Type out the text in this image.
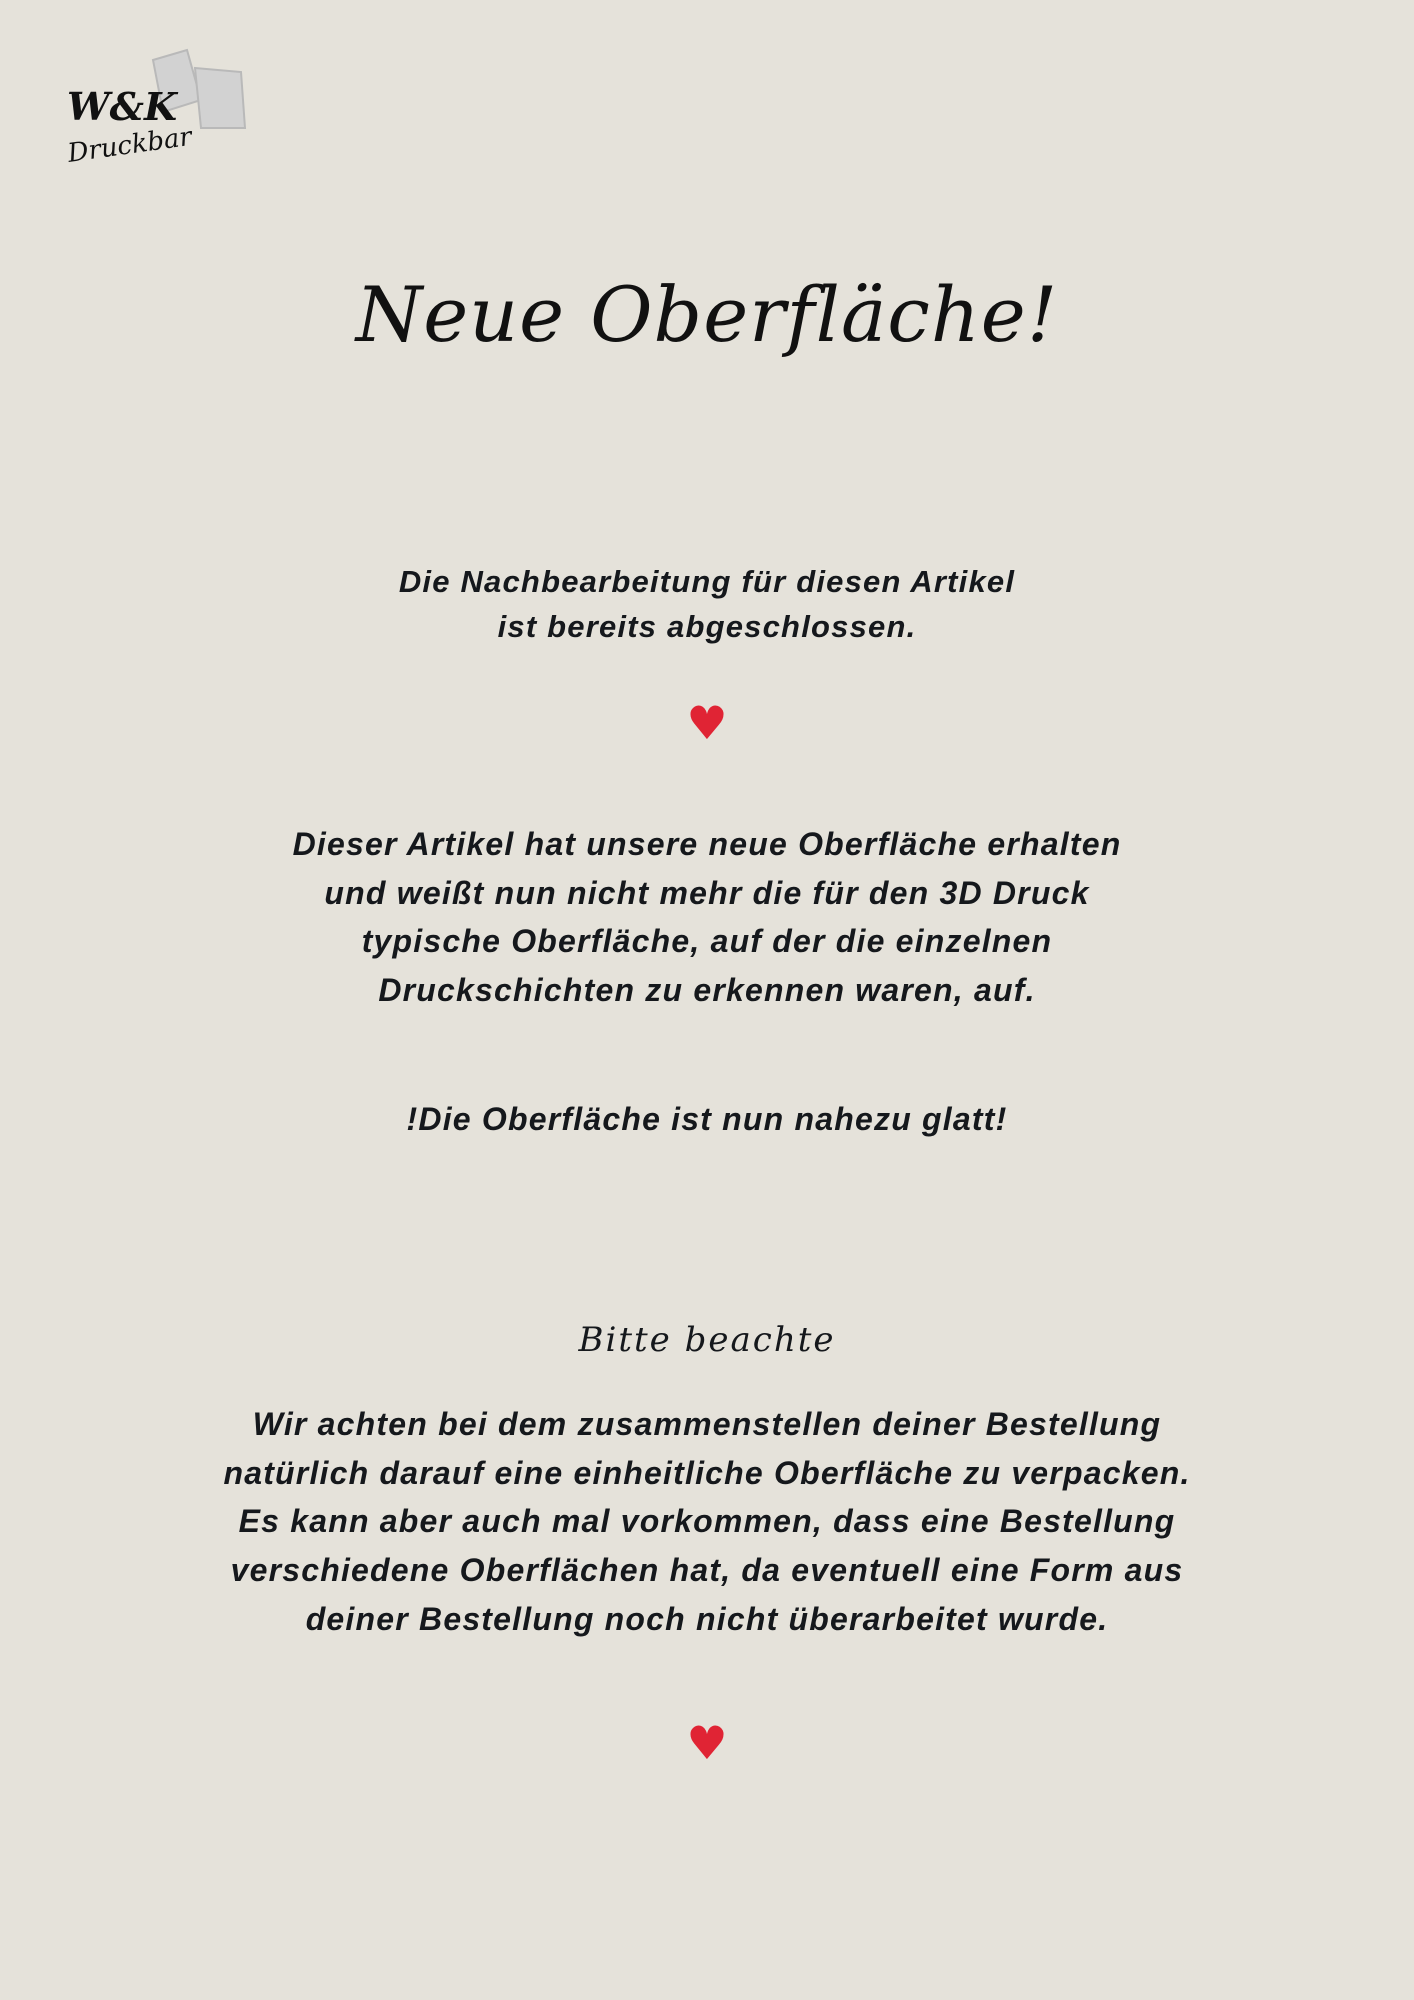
W&K
Druckbar
Neue Oberfläche!
Die Nachbearbeitung für diesen Artikel
ist bereits abgeschlossen.
♥
Dieser Artikel hat unsere neue Oberfläche erhalten
und weißt nun nicht mehr die für den 3D Druck
typische Oberfläche, auf der die einzelnen
Druckschichten zu erkennen waren, auf.
!Die Oberfläche ist nun nahezu glatt!
Bitte beachte
Wir achten bei dem zusammenstellen deiner Bestellung
natürlich darauf eine einheitliche Oberfläche zu verpacken.
Es kann aber auch mal vorkommen, dass eine Bestellung
verschiedene Oberflächen hat, da eventuell eine Form aus
deiner Bestellung noch nicht überarbeitet wurde.
♥
